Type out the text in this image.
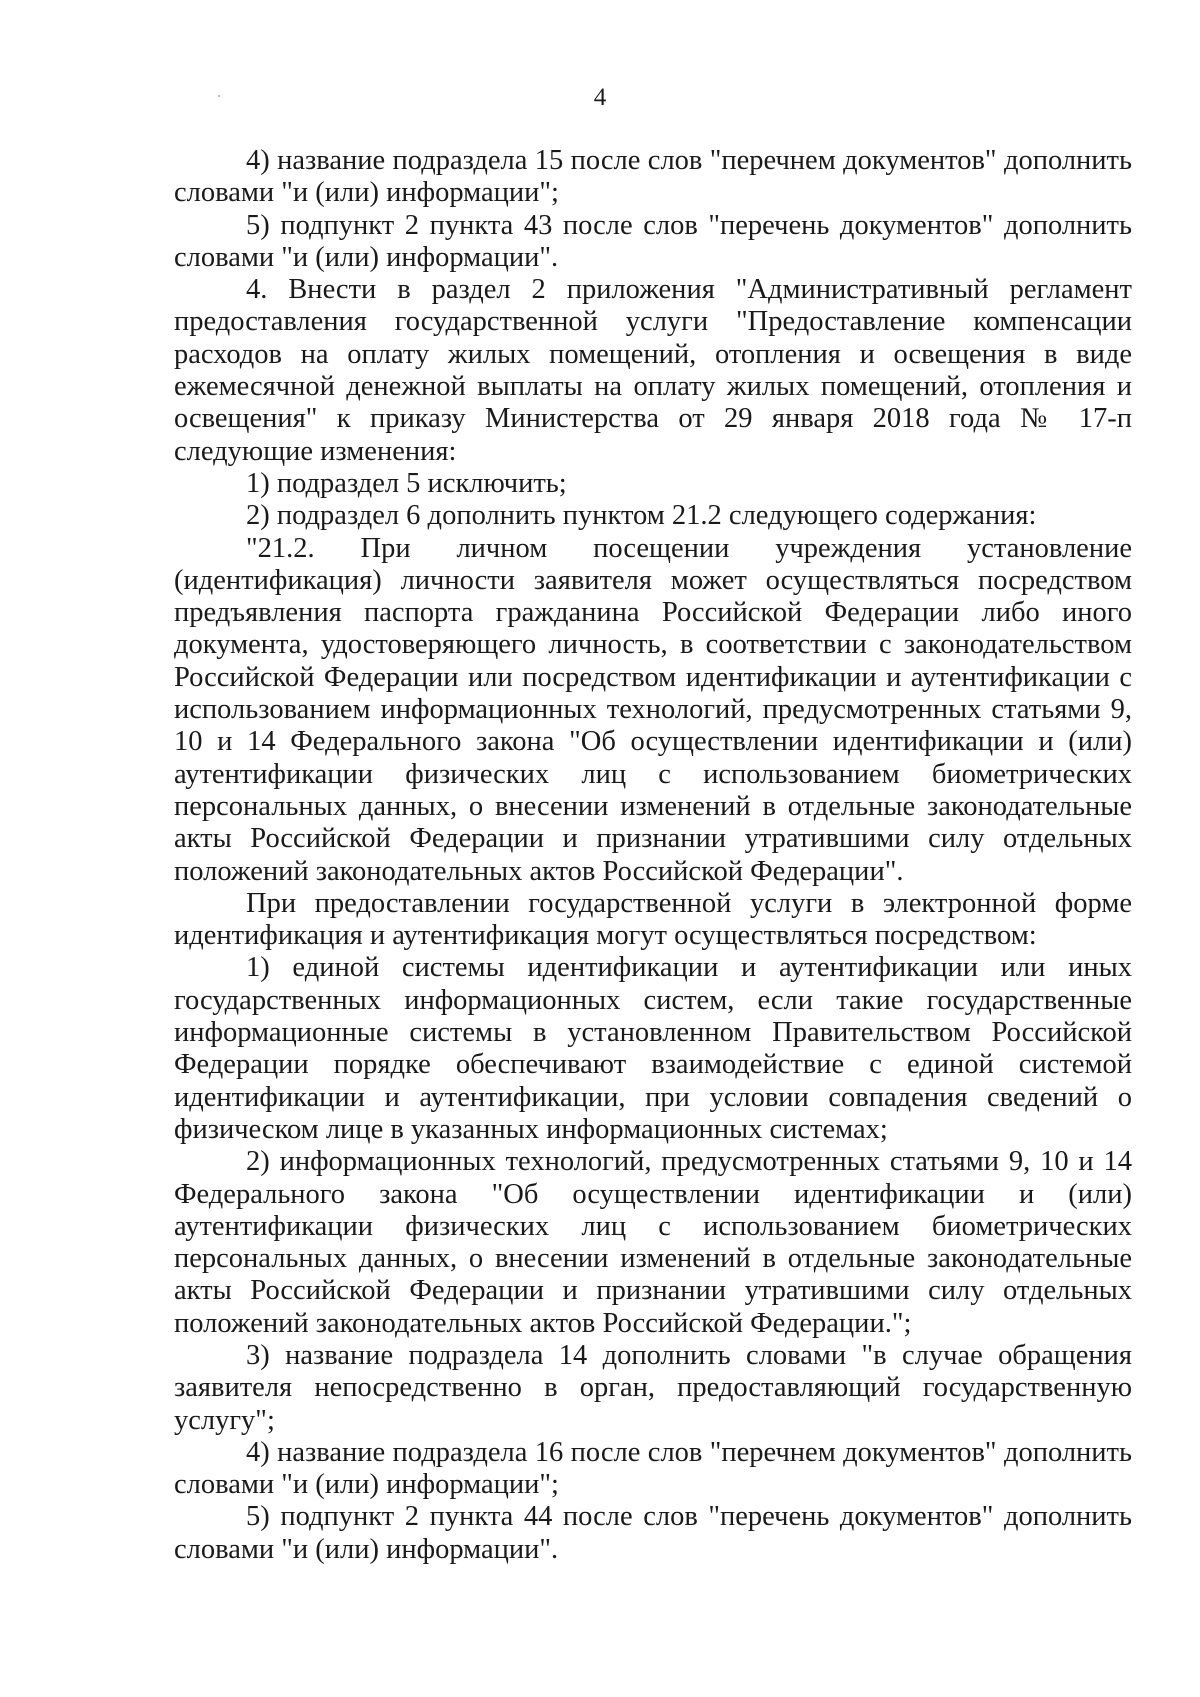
4

4) название подраздела 15 после слов "перечнем документов" дополнить словами "и (или) информации";

5) подпункт 2 пункта 43 после слов "перечень документов" дополнить словами "и (или) информации".

4. Внести в раздел 2 приложения "Административный регламент предоставления государственной услуги "Предоставление компенсации расходов на оплату жилых помещений, отопления и освещения в виде ежемесячной денежной выплаты на оплату жилых помещений, отопления и освещения" к приказу Министерства от 29 января 2018 года № 17-п следующие изменения:

1) подраздел 5 исключить;

2) подраздел 6 дополнить пунктом 21.2 следующего содержания:

"21.2. При личном посещении учреждения установление (идентификация) личности заявителя может осуществляться посредством предъявления паспорта гражданина Российской Федерации либо иного документа, удостоверяющего личность, в соответствии с законодательством Российской Федерации или посредством идентификации и аутентификации с использованием информационных технологий, предусмотренных статьями 9, 10 и 14 Федерального закона "Об осуществлении идентификации и (или) аутентификации физических лиц с использованием биометрических персональных данных, о внесении изменений в отдельные законодательные акты Российской Федерации и признании утратившими силу отдельных положений законодательных актов Российской Федерации".

При предоставлении государственной услуги в электронной форме идентификация и аутентификация могут осуществляться посредством:

1) единой системы идентификации и аутентификации или иных государственных информационных систем, если такие государственные информационные системы в установленном Правительством Российской Федерации порядке обеспечивают взаимодействие с единой системой идентификации и аутентификации, при условии совпадения сведений о физическом лице в указанных информационных системах;

2) информационных технологий, предусмотренных статьями 9, 10 и 14 Федерального закона "Об осуществлении идентификации и (или) аутентификации физических лиц с использованием биометрических персональных данных, о внесении изменений в отдельные законодательные акты Российской Федерации и признании утратившими силу отдельных положений законодательных актов Российской Федерации.";

3) название подраздела 14 дополнить словами "в случае обращения заявителя непосредственно в орган, предоставляющий государственную услугу";

4) название подраздела 16 после слов "перечнем документов" дополнить словами "и (или) информации";

5) подпункт 2 пункта 44 после слов "перечень документов" дополнить словами "и (или) информации".
